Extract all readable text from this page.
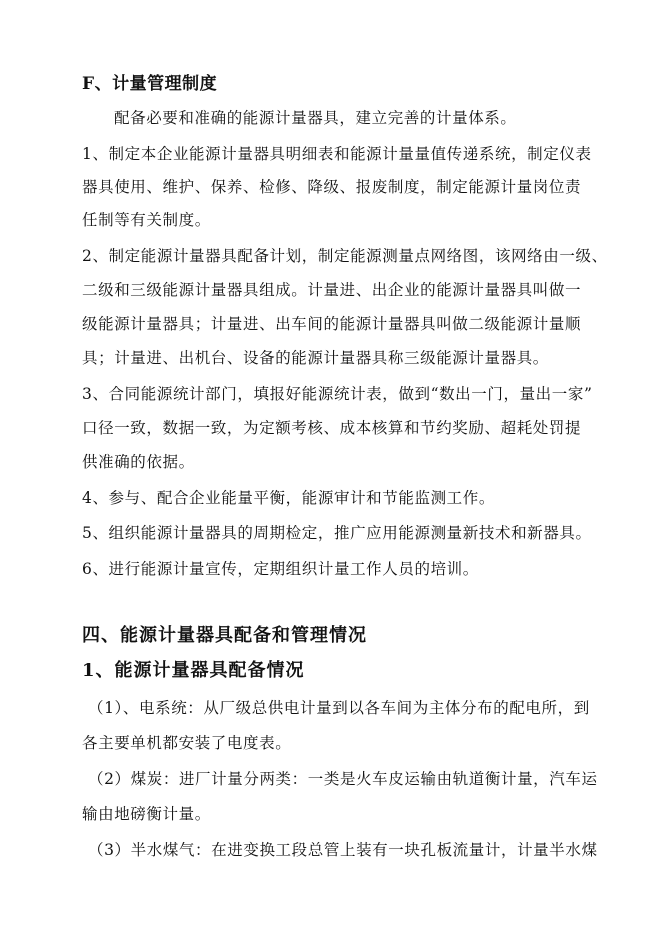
F、计量管理制度
配备必要和准确的能源计量器具，建立完善的计量体系。
1、制定本企业能源计量器具明细表和能源计量量值传递系统，制定仪表
器具使用、维护、保养、检修、降级、报废制度，制定能源计量岗位责
任制等有关制度。
2、制定能源计量器具配备计划，制定能源测量点网络图，该网络由一级、
二级和三级能源计量器具组成。计量进、出企业的能源计量器具叫做一
级能源计量器具；计量进、出车间的能源计量器具叫做二级能源计量顺
具；计量进、出机台、设备的能源计量器具称三级能源计量器具。
3、合同能源统计部门，填报好能源统计表，做到“数出一门，量出一家”
口径一致，数据一致，为定额考核、成本核算和节约奖励、超耗处罚提
供准确的依据。
4、参与、配合企业能量平衡，能源审计和节能监测工作。
5、组织能源计量器具的周期检定，推广应用能源测量新技术和新器具。
6、进行能源计量宣传，定期组织计量工作人员的培训。
四、能源计量器具配备和管理情况
1、能源计量器具配备情况
（1）、电系统：从厂级总供电计量到以各车间为主体分布的配电所，到
各主要单机都安装了电度表。
（2）煤炭：进厂计量分两类：一类是火车皮运输由轨道衡计量，汽车运
输由地磅衡计量。
（3）半水煤气：在进变换工段总管上装有一块孔板流量计，计量半水煤
